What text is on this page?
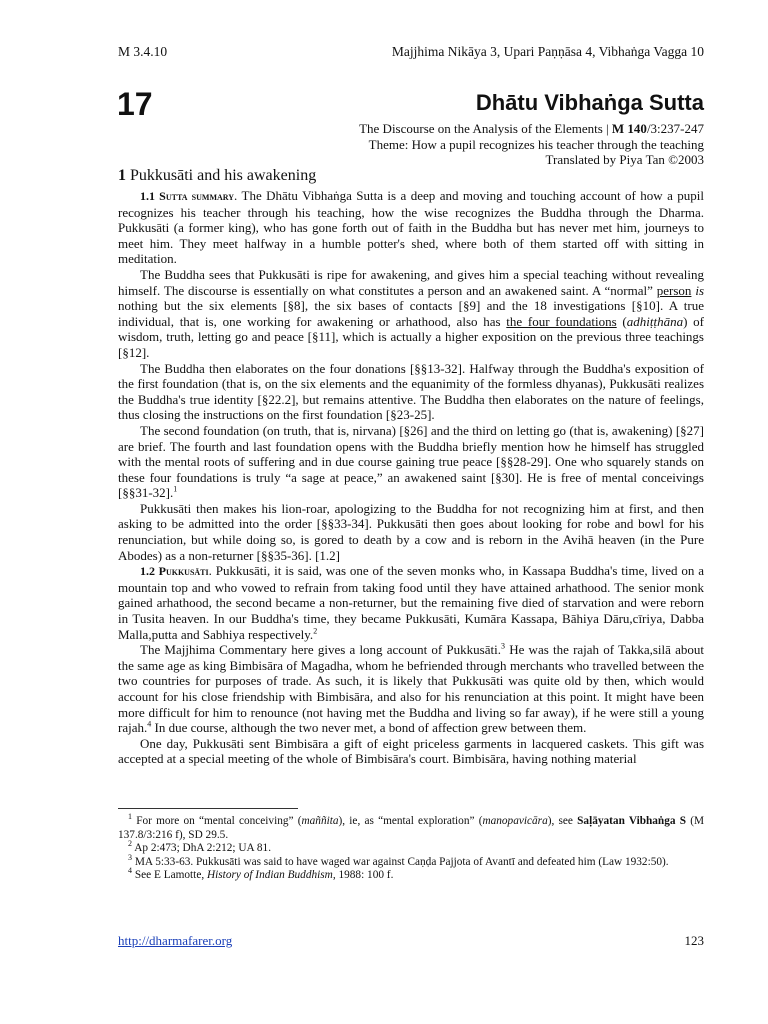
M 3.4.10	Majjhima Nikāya 3, Upari Paṇṇāsa 4, Vibhaṅga Vagga 10
17	Dhātu Vibhaṅga Sutta
The Discourse on the Analysis of the Elements | M 140/3:237-247
Theme: How a pupil recognizes his teacher through the teaching
Translated by Piya Tan ©2003
1 Pukkusāti and his awakening

1.1 Sutta summary. The Dhātu Vibhaṅga Sutta is a deep and moving and touching account of how a pupil recognizes his teacher through his teaching, how the wise recognizes the Buddha through the Dharma. Pukkusāti (a former king), who has gone forth out of faith in the Buddha but has never met him, journeys to meet him. They meet halfway in a humble potter's shed, where both of them started off with sitting in meditation.

The Buddha sees that Pukkusāti is ripe for awakening, and gives him a special teaching without revealing himself. The discourse is essentially on what constitutes a person and an awakened saint. A “normal” person is nothing but the six elements [§8], the six bases of contacts [§9] and the 18 investigations [§10]. A true individual, that is, one working for awakening or arhathood, also has the four foundations (adhiṭṭhāna) of wisdom, truth, letting go and peace [§11], which is actually a higher exposition on the previous three teachings [§12].

The Buddha then elaborates on the four donations [§§13-32]. Halfway through the Buddha's exposition of the first foundation (that is, on the six elements and the equanimity of the formless dhyanas), Pukkusāti realizes the Buddha's true identity [§22.2], but remains attentive. The Buddha then elaborates on the nature of feelings, thus closing the instructions on the first foundation [§23-25].

The second foundation (on truth, that is, nirvana) [§26] and the third on letting go (that is, awakening) [§27] are brief. The fourth and last foundation opens with the Buddha briefly mention how he himself has struggled with the mental roots of suffering and in due course gaining true peace [§§28-29]. One who squarely stands on these four foundations is truly “a sage at peace,” an awakened saint [§30]. He is free of mental conceivings [§§31-32].$^1$

Pukkusāti then makes his lion-roar, apologizing to the Buddha for not recognizing him at first, and then asking to be admitted into the order [§§33-34]. Pukkusāti then goes about looking for robe and bowl for his renunciation, but while doing so, is gored to death by a cow and is reborn in the Avihā heaven (in the Pure Abodes) as a non-returner [§§35-36]. [1.2]

1.2 Pukkusāti. Pukkusāti, it is said, was one of the seven monks who, in Kassapa Buddha's time, lived on a mountain top and who vowed to refrain from taking food until they have attained arhathood. The senior monk gained arhathood, the second became a non-returner, but the remaining five died of starvation and were reborn in Tusita heaven. In our Buddha's time, they became Pukkusāti, Kumāra Kassapa, Bāhiya Dāru,cīriya, Dabba Malla,putta and Sabhiya respectively.$^2$

The Majjhima Commentary here gives a long account of Pukkusāti.$^3$ He was the rajah of Takka,silā about the same age as king Bimbisāra of Magadha, whom he befriended through merchants who travelled between the two countries for purposes of trade. As such, it is likely that Pukkusāti was quite old by then, which would account for his close friendship with Bimbisāra, and also for his renunciation at this point. It might have been more difficult for him to renounce (not having met the Buddha and living so far away), if he were still a young rajah.$^4$ In due course, although the two never met, a bond of affection grew between them.

One day, Pukkusāti sent Bimbisāra a gift of eight priceless garments in lacquered caskets. This gift was accepted at a special meeting of the whole of Bimbisāra's court. Bimbisāra, having nothing material

$^1$ For more on “mental conceiving” (maññita), ie, as “mental exploration” (manopavicāra), see Saḷāyatan Vibhaṅga S (M 137.8/3:216 f), SD 29.5.

$^2$ Ap 2:473; DhA 2:212; UA 81.

$^3$ MA 5:33-63. Pukkusāti was said to have waged war against Caṇḍa Pajjota of Avantī and defeated him (Law 1932:50).

$^4$ See E Lamotte, History of Indian Buddhism, 1988: 100 f.

http://dharmafarer.org	123
